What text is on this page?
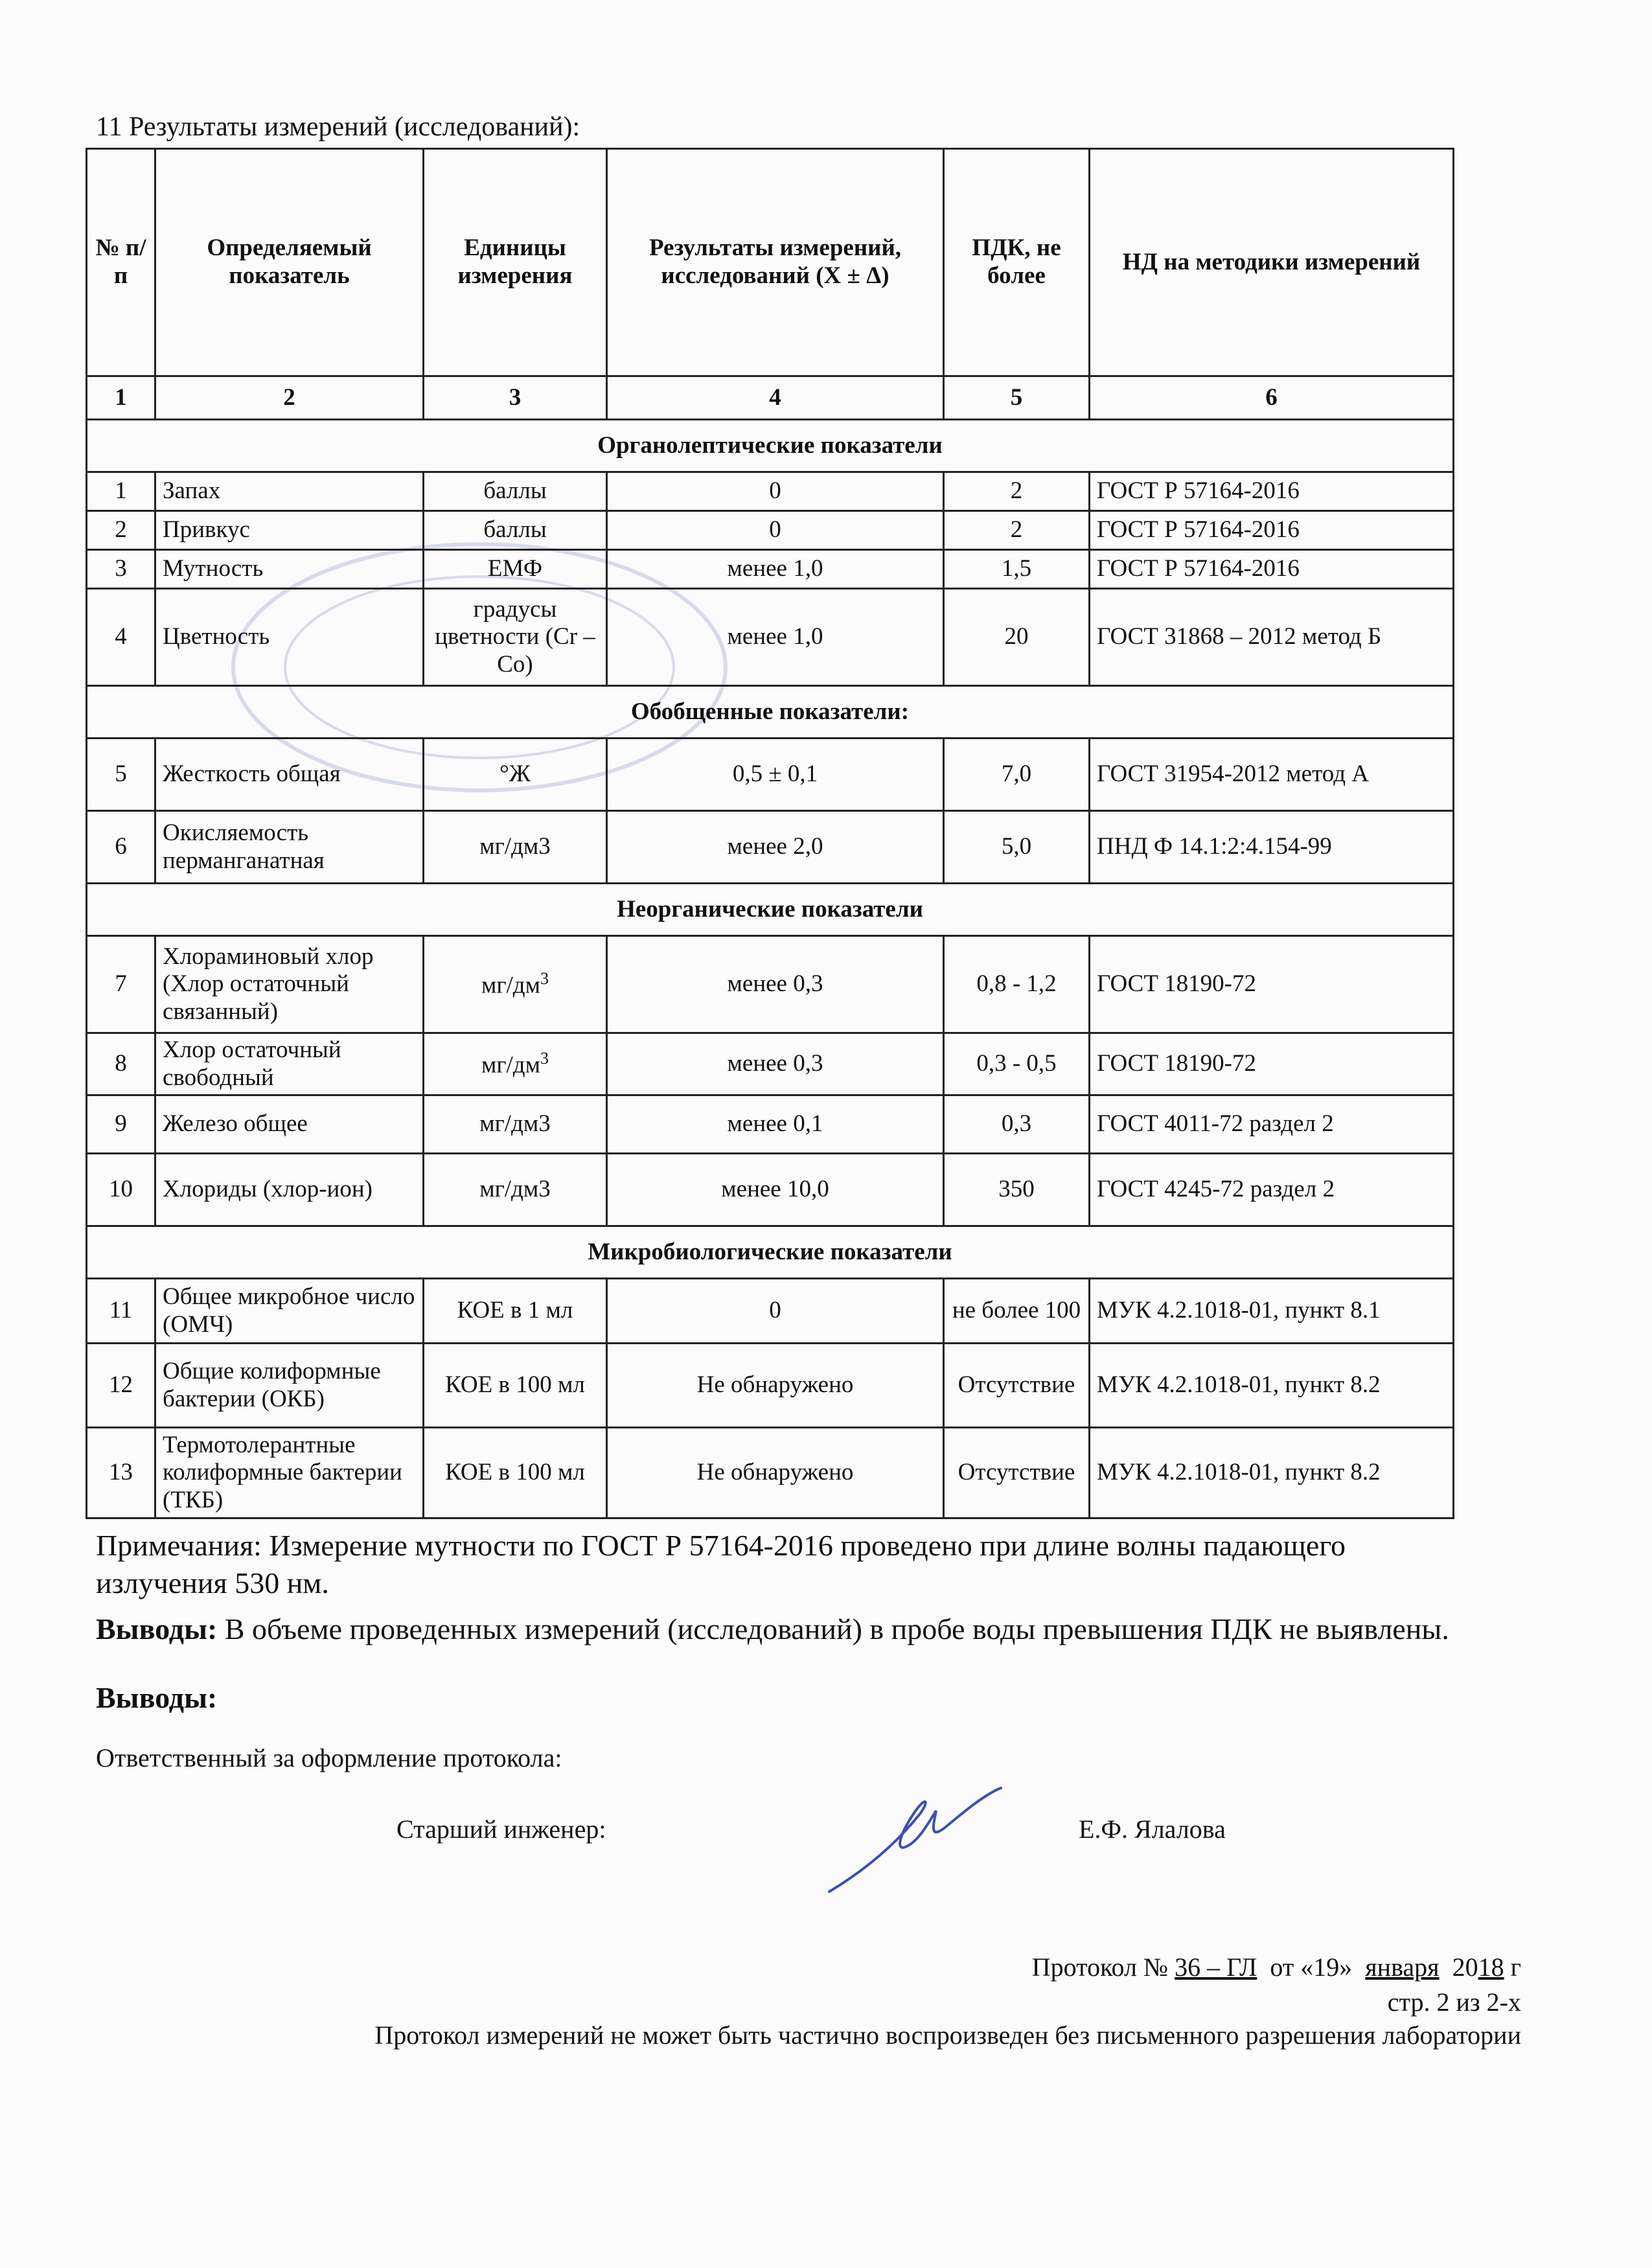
11 Результаты измерений (исследований):
№ п/п	Определяемый показатель	Единицы измерения	Результаты измерений, исследований (X ± Δ)	ПДК, не более	НД на методики измерений
1	2	3	4	5	6
Органолептические показатели					
1	Запах	баллы	0	2	ГОСТ Р 57164-2016
2	Привкус	баллы	0	2	ГОСТ Р 57164-2016
3	Мутность	ЕМФ	менее 1,0	1,5	ГОСТ Р 57164-2016
4	Цветность	градусы цветности (Cr – Co)	менее 1,0	20	ГОСТ 31868 – 2012 метод Б
Обобщенные показатели:					
5	Жесткость общая	°Ж	0,5 ± 0,1	7,0	ГОСТ 31954-2012 метод А
6	Окисляемость перманганатная	мг/дм3	менее 2,0	5,0	ПНД Ф 14.1:2:4.154-99
Неорганические показатели					
7	Хлораминовый хлор (Хлор остаточный связанный)	$мг/дм^3$	менее 0,3	0,8 - 1,2	ГОСТ 18190-72
8	Хлор остаточный свободный	$мг/дм^3$	менее 0,3	0,3 - 0,5	ГОСТ 18190-72
9	Железо общее	мг/дм3	менее 0,1	0,3	ГОСТ 4011-72 раздел 2
10	Хлориды (хлор-ион)	мг/дм3	менее 10,0	350	ГОСТ 4245-72 раздел 2
Микробиологические показатели					
11	Общее микробное число (ОМЧ)	КОЕ в 1 мл	0	не более 100	МУК 4.2.1018-01, пункт 8.1
12	Общие колиформные бактерии (ОКБ)	КОЕ в 100 мл	Не обнаружено	Отсутствие	МУК 4.2.1018-01, пункт 8.2
13	Термотолерантные колиформные бактерии (ТКБ)	КОЕ в 100 мл	Не обнаружено	Отсутствие	МУК 4.2.1018-01, пункт 8.2
Примечания: Измерение мутности по ГОСТ Р 57164-2016 проведено при длине волны падающего излучения 530 нм.
Выводы: В объеме проведенных измерений (исследований) в пробе воды превышения ПДК не выявлены.
Выводы:
Ответственный за оформление протокола:
Старший инженер:	Е.Ф. Ялалова
Протокол № 36 – ГЛ  от «19»  января  2018 г
стр. 2 из 2-х
Протокол измерений не может быть частично воспроизведен без письменного разрешения лаборатории
